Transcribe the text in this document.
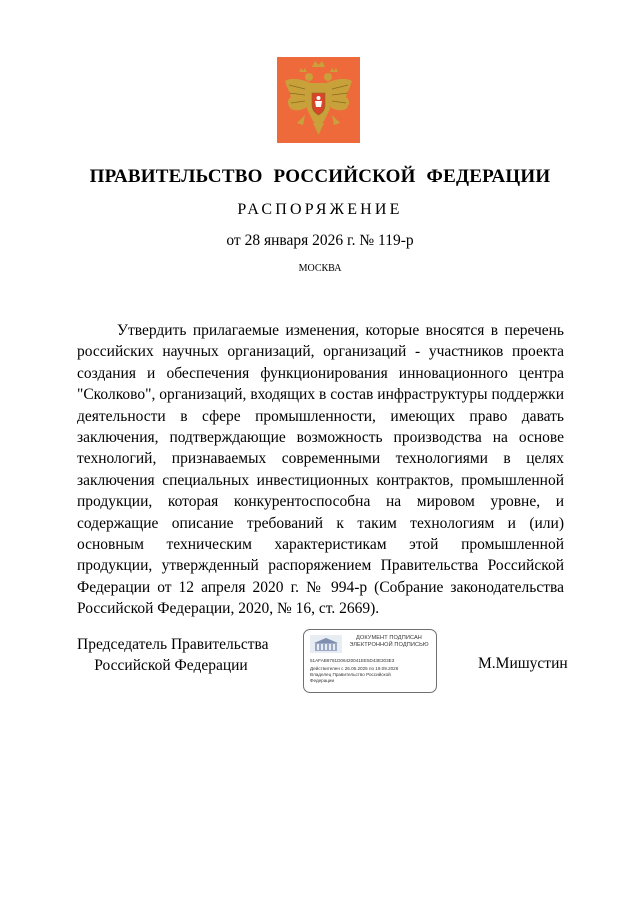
ПРАВИТЕЛЬСТВО РОССИЙСКОЙ ФЕДЕРАЦИИ
РАСПОРЯЖЕНИЕ
от 28 января 2026 г. № 119-р
МОСКВА

Утвердить прилагаемые изменения, которые вносятся в перечень российских научных организаций, организаций - участников проекта создания и обеспечения функционирования инновационного центра "Сколково", организаций, входящих в состав инфраструктуры поддержки деятельности в сфере промышленности, имеющих право давать заключения, подтверждающие возможность производства на основе технологий, признаваемых современными технологиями в целях заключения специальных инвестиционных контрактов, промышленной продукции, которая конкурентоспособна на мировом уровне, и содержащие описание требований к таким технологиям и (или) основным техническим характеристикам этой промышленной продукции, утвержденный распоряжением Правительства Российской Федерации от 12 апреля 2020 г. № 994-р (Собрание законодательства Российской Федерации, 2020, № 16, ст. 2669).

Председатель Правительства
Российской Федерации
ДОКУМЕНТ ПОДПИСАН
ЭЛЕКТРОННОЙ ПОДПИСЬЮ
51AFAB8781D06420041EE5D43E303E3
Действителен с 26.06.2025 по 19.09.2026
Владелец Правительство Российской
Федерации
М.Мишустин
